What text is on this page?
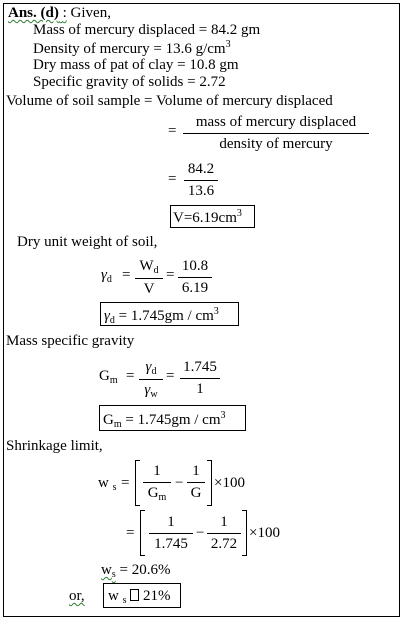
Ans. (d) : Given,
Mass of mercury displaced = 84.2 gm
Density of mercury = 13.6 $g/cm^3$
Dry mass of pat of clay = 10.8 gm
Specific gravity of solids = 2.72
Volume of soil sample = Volume of mercury displaced
=
mass of mercury displaced
density of mercury
=
84.2
13.6
$V=6.19cm^3$
Dry unit weight of soil,
$\gamma_d$ =
$W_d$
V
=
10.8
6.19
$\gamma_d = 1.745gm / cm^3$
Mass specific gravity
$G_m$ =
$\gamma_d$
$\gamma_w$
=
1.745
1
$G_m = 1.745gm / cm^3$
Shrinkage limit,
w $_s$ =
1
$G_m$
−
1
G
×100
=
1
1.745
−
1
2.72
×100
$w_s = 20.6\%$
or, w $_s$ 21%
